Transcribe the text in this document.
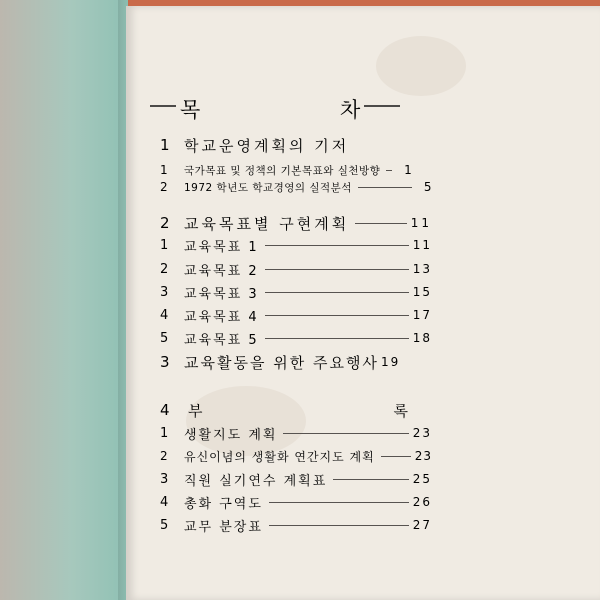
목	차
1 학교운영계획의 기저
1	국가목표 및 정책의 기본목표와 실천방향	1
2	1972 학년도 학교경영의 실적분석	5
2 교육목표별 구현계획	11
1	교육목표 1	11
2	교육목표 2	13
3	교육목표 3	15
4	교육목표 4	17
5	교육목표 5	18
3 교육활동을 위한 주요행사 19
4	부	록
1	생활지도 계획	23
2	유신이념의 생활화 연간지도 계획	23
3	직원 실기연수 계획표	25
4	총화 구역도	26
5	교무 분장표	27
